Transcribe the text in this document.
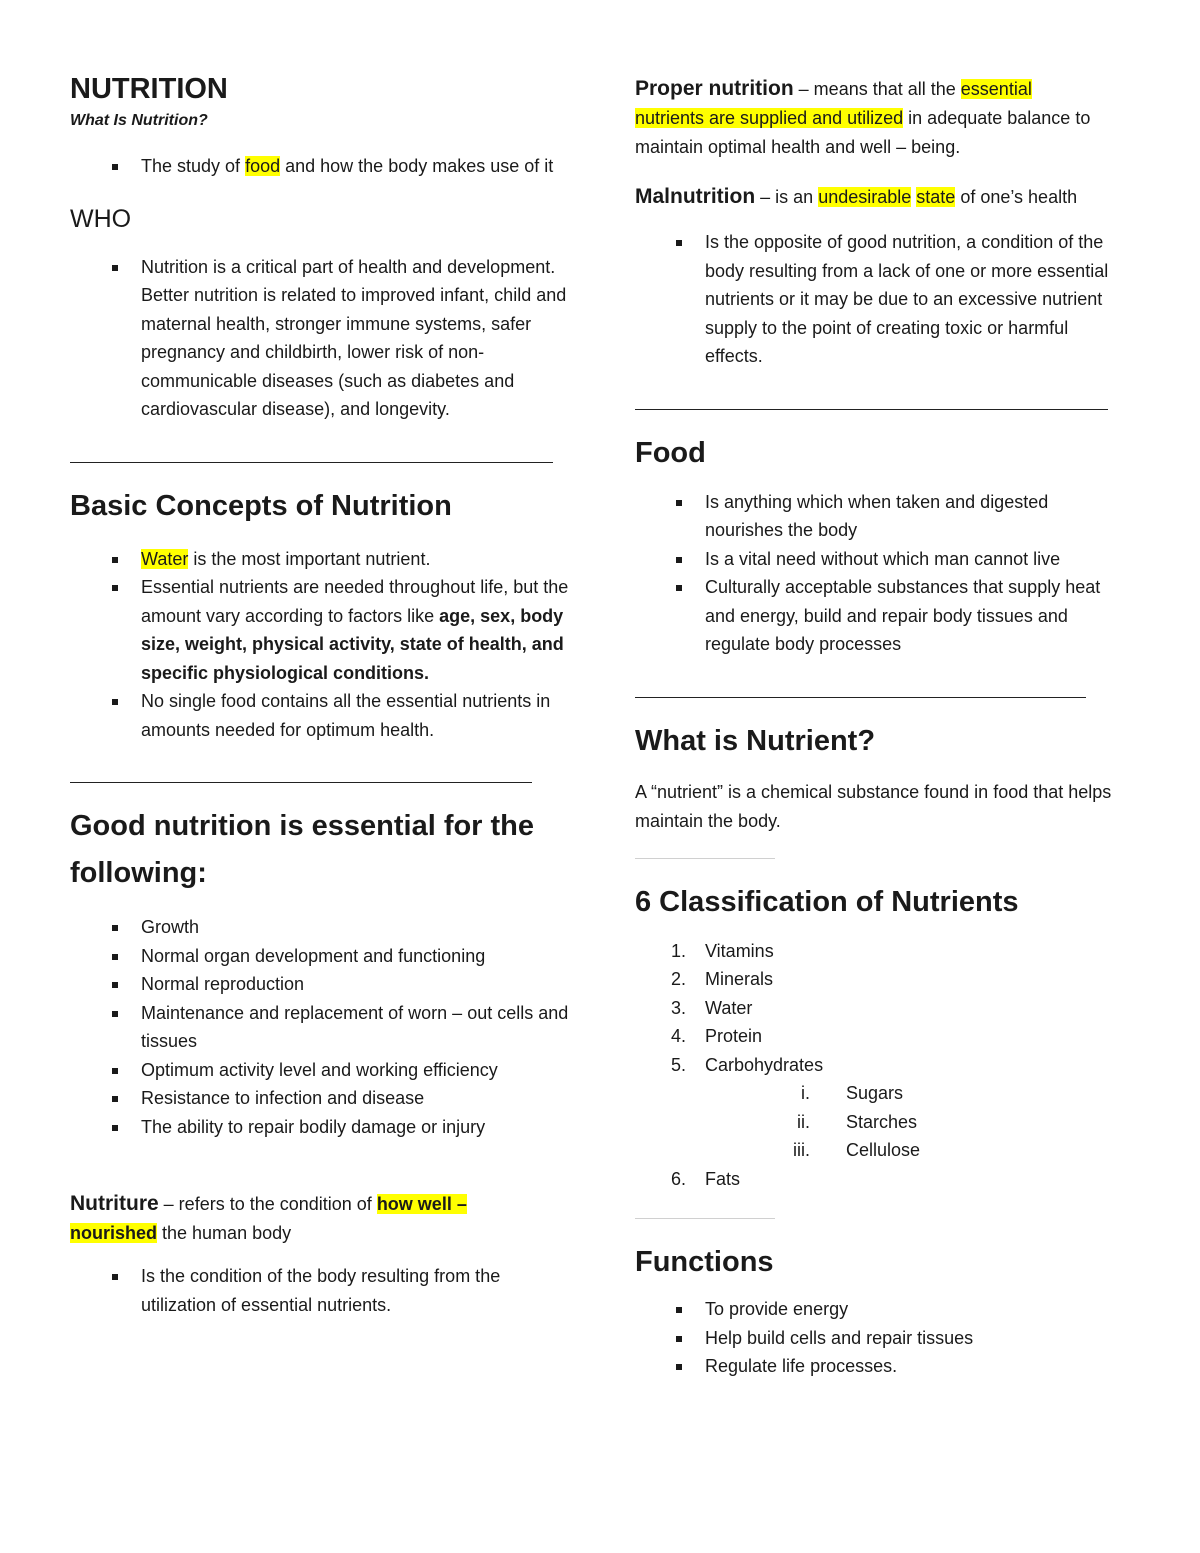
NUTRITION
What Is Nutrition?
The study of food and how the body makes use of it
WHO
Nutrition is a critical part of health and development. Better nutrition is related to improved infant, child and maternal health, stronger immune systems, safer pregnancy and childbirth, lower risk of non-communicable diseases (such as diabetes and cardiovascular disease), and longevity.
Basic Concepts of Nutrition
Water is the most important nutrient.
Essential nutrients are needed throughout life, but the amount vary according to factors like age, sex, body size, weight, physical activity, state of health, and specific physiological conditions.
No single food contains all the essential nutrients in amounts needed for optimum health.
Good nutrition is essential for the following:
Growth
Normal organ development and functioning
Normal reproduction
Maintenance and replacement of worn – out cells and tissues
Optimum activity level and working efficiency
Resistance to infection and disease
The ability to repair bodily damage or injury

Nutriture – refers to the condition of how well –
nourished the human body

Is the condition of the body resulting from the utilization of essential nutrients.

Proper nutrition – means that all the essential
nutrients are supplied and utilized in adequate balance to maintain optimal health and well – being.

Malnutrition – is an undesirable state of one’s health

Is the opposite of good nutrition, a condition of the body resulting from a lack of one or more essential nutrients or it may be due to an excessive nutrient supply to the point of creating toxic or harmful effects.
Food
Is anything which when taken and digested nourishes the body
Is a vital need without which man cannot live
Culturally acceptable substances that supply heat and energy, build and repair body tissues and regulate body processes
What is Nutrient?

A “nutrient” is a chemical substance found in food that helps maintain the body.

6 Classification of Nutrients
1. Vitamins
2. Minerals
3. Water
4. Protein
5. Carbohydrates
i. Sugars
ii. Starches
iii. Cellulose
6. Fats
Functions
To provide energy
Help build cells and repair tissues
Regulate life processes.
